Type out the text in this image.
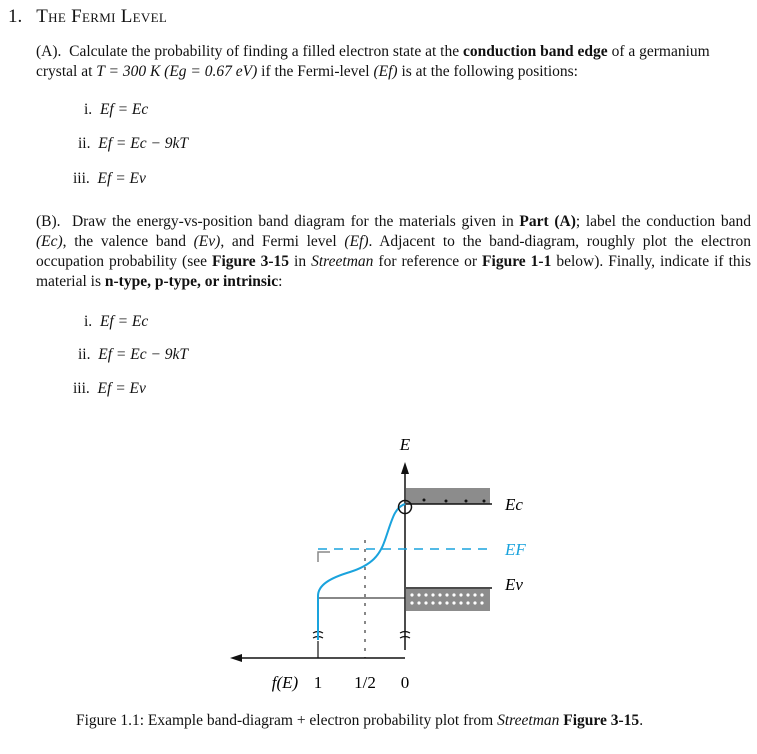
1. The Fermi Level
(A). Calculate the probability of finding a filled electron state at the conduction band edge of a germanium crystal at T = 300 K (Eg = 0.67 eV) if the Fermi-level (Ef) is at the following positions:
i. Ef = Ec
ii. Ef = Ec − 9kT
iii. Ef = Ev
(B). Draw the energy-vs-position band diagram for the materials given in Part (A); label the conduction band (Ec), the valence band (Ev), and Fermi level (Ef). Adjacent to the band-diagram, roughly plot the electron occupation probability (see Figure 3-15 in Streetman for reference or Figure 1-1 below). Finally, indicate if this material is n-type, p-type, or intrinsic:
i. Ef = Ec
ii. Ef = Ec − 9kT
iii. Ef = Ev
E
Ec
EF
Ev
f(E) 1 1/2 0
Figure 1.1: Example band-diagram + electron probability plot from Streetman Figure 3-15.
